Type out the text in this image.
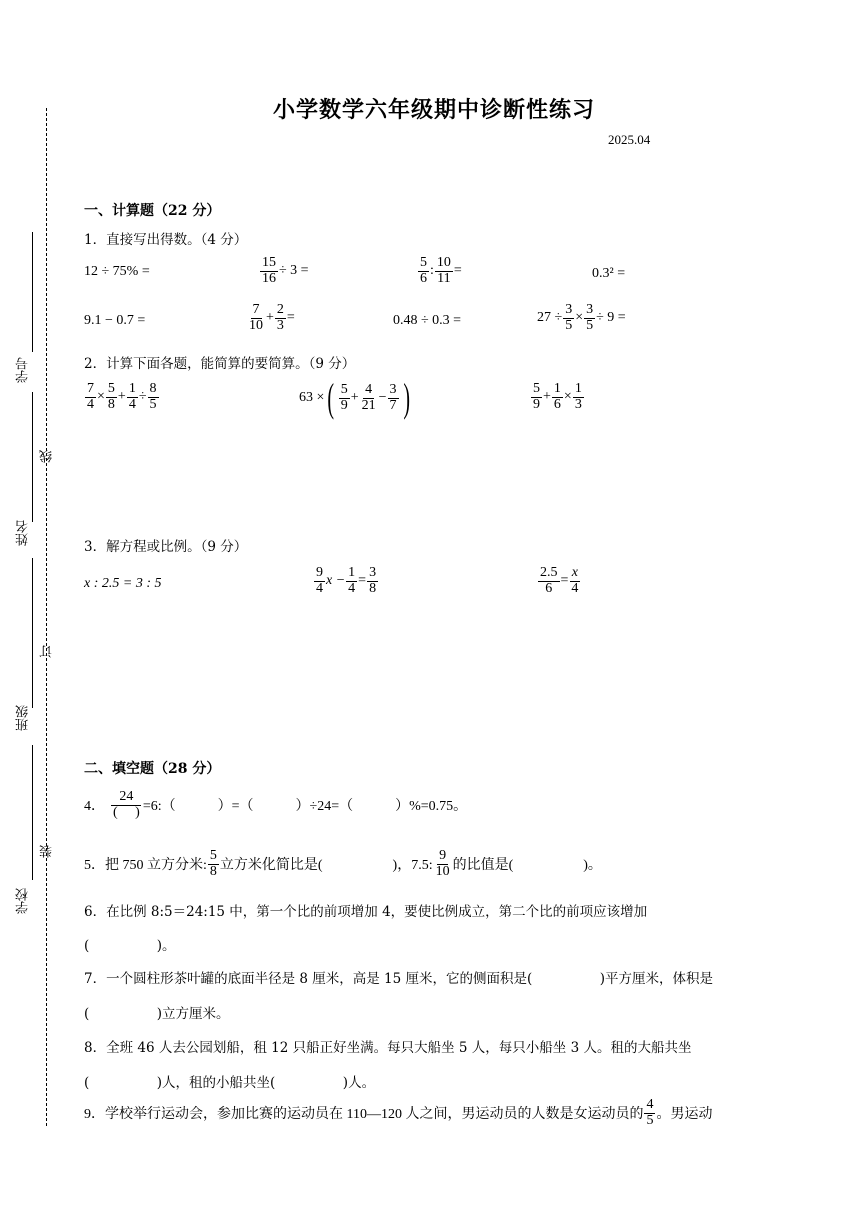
学号
线
姓名
订
班级
装
学校
小学数学六年级期中诊断性练习
2025.04
一、计算题（22 分）
1．直接写出得数。（4 分）
12 ÷ 75% =	$\frac{15}{16} \div 3$ =	$\frac{5}{6}$ : $\frac{10}{11}$ =	0.3² =
9.1 − 0.7 =	$\frac{7}{10} + \frac{2}{3}$ =	0.48 ÷ 0.3 =	$27 \div \frac{3}{5} \times \frac{3}{5} \div 9$ =
2．计算下面各题，能简算的要简算。（9 分）
$\frac{7}{4} \times \frac{5}{8} + \frac{1}{4} \div \frac{8}{5}$	63 × ( $\frac{5}{9} + \frac{4}{21} - \frac{3}{7}$ )	$\frac{5}{9} + \frac{1}{6} \times \frac{1}{3}$
3．解方程或比例。（9 分）
x : 2.5 = 3 : 5	$\frac{9}{4}$ $x - \frac{1}{4} = \frac{3}{8}$	$\frac{2.5}{6} = \frac{x}{4}$
二、填空题（28 分）
4． $\frac{24}{( )}$ =6:（　　　）=（　　　）÷24=（　　　）%=0.75。
5．把 750 立方分米: $\frac{5}{8}$ 立方米化简比是(　　　　　)，7.5: $\frac{9}{10}$ 的比值是(　　　　　)。
6．在比例 8:5＝24:15 中，第一个比的前项增加 4，要使比例成立，第二个比的前项应该增加
(　　　　　)。
7．一个圆柱形茶叶罐的底面半径是 8 厘米，高是 15 厘米，它的侧面积是(　　　　　)平方厘米，体积是
(　　　　　)立方厘米。
8．全班 46 人去公园划船，租 12 只船正好坐满。每只大船坐 5 人，每只小船坐 3 人。租的大船共坐
(　　　　　)人，租的小船共坐(　　　　　)人。
9．学校举行运动会，参加比赛的运动员在 110—120 人之间，男运动员的人数是女运动员的 $\frac{4}{5}$ 。男运动
